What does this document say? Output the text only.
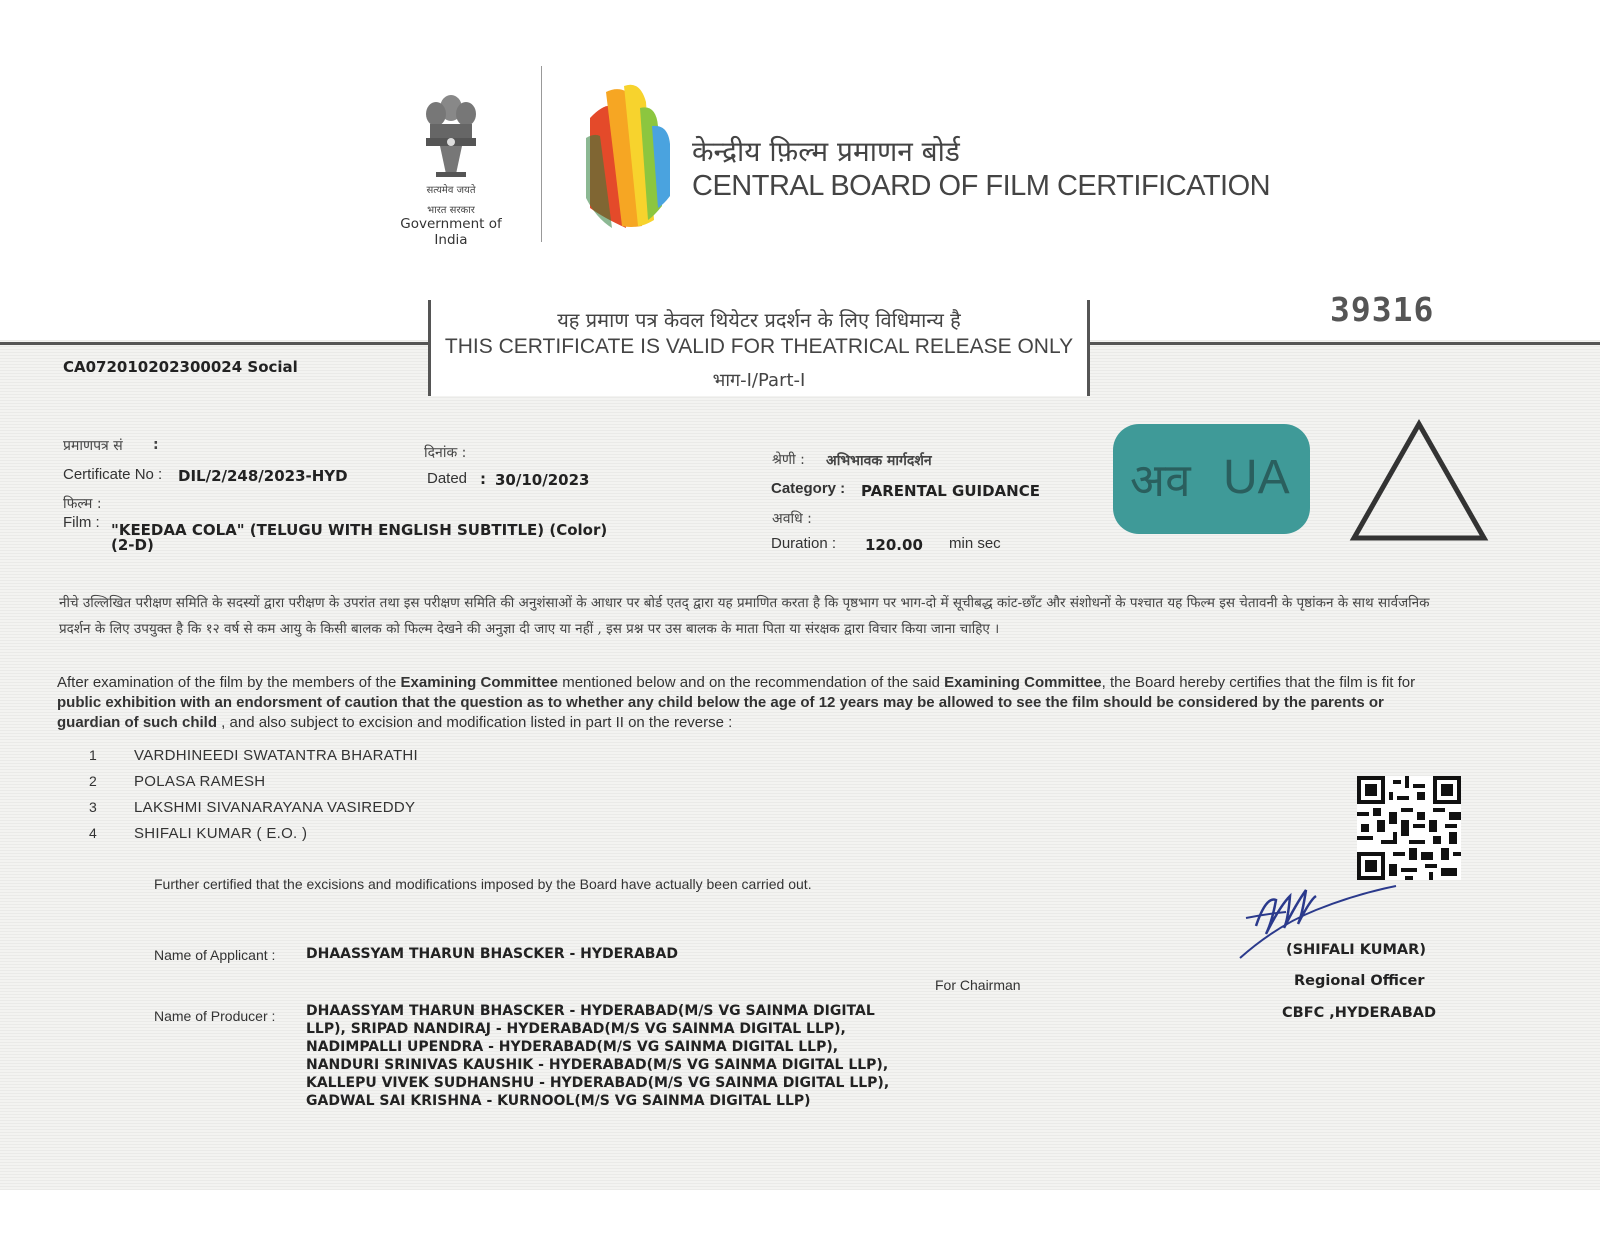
सत्यमेव जयते
भारत सरकार
Government of India
केन्द्रीय फ़िल्म प्रमाणन बोर्ड
CENTRAL BOARD OF FILM CERTIFICATION
यह प्रमाण पत्र केवल थियेटर प्रदर्शन के लिए विधिमान्य है
THIS CERTIFICATE IS VALID FOR THEATRICAL RELEASE ONLY
भाग-I/Part-I
39316
CA072010202300024 Social
प्रमाणपत्र सं :
Certificate No : DIL/2/248/2023-HYD
दिनांक :
Dated : 30/10/2023
फिल्म :
Film : "KEEDAA COLA" (TELUGU WITH ENGLISH SUBTITLE) (Color)
(2-D)
श्रेणी : अभिभावक मार्गदर्शन
Category : PARENTAL GUIDANCE
अवधि :
Duration : 120.00 min sec
अव UA
नीचे उल्लिखित परीक्षण समिति के सदस्यों द्वारा परीक्षण के उपरांत तथा इस परीक्षण समिति की अनुशंसाओं के आधार पर बोर्ड एतद् द्वारा यह प्रमाणित करता है कि पृष्ठभाग पर भाग-दो में सूचीबद्ध कांट-छाँट और संशोधनों के पश्चात यह फिल्म इस चेतावनी के पृष्ठांकन के साथ सार्वजनिक प्रदर्शन के लिए उपयुक्त है कि १२ वर्ष से कम आयु के किसी बालक को फिल्म देखने की अनुज्ञा दी जाए या नहीं , इस प्रश्न पर उस बालक के माता पिता या संरक्षक द्वारा विचार किया जाना चाहिए ।
After examination of the film by the members of the Examining Committee mentioned below and on the recommendation of the said Examining Committee, the Board hereby certifies that the film is fit for public exhibition with an endorsment of caution that the question as to whether any child below the age of 12 years may be allowed to see the film should be considered by the parents or guardian of such child , and also subject to excision and modification listed in part II on the reverse :
1	VARDHINEEDI SWATANTRA BHARATHI
2	POLASA RAMESH
3	LAKSHMI SIVANARAYANA VASIREDDY
4	SHIFALI KUMAR ( E.O. )
Further certified that the excisions and modifications imposed by the Board have actually been carried out.
Name of Applicant : DHAASSYAM THARUN BHASCKER - HYDERABAD
Name of Producer : DHAASSYAM THARUN BHASCKER - HYDERABAD(M/S VG SAINMA DIGITAL
LLP), SRIPAD NANDIRAJ - HYDERABAD(M/S VG SAINMA DIGITAL LLP),
NADIMPALLI UPENDRA - HYDERABAD(M/S VG SAINMA DIGITAL LLP),
NANDURI SRINIVAS KAUSHIK - HYDERABAD(M/S VG SAINMA DIGITAL LLP),
KALLEPU VIVEK SUDHANSHU - HYDERABAD(M/S VG SAINMA DIGITAL LLP),
GADWAL SAI KRISHNA - KURNOOL(M/S VG SAINMA DIGITAL LLP)
For Chairman
(SHIFALI KUMAR)
Regional Officer
CBFC ,HYDERABAD
